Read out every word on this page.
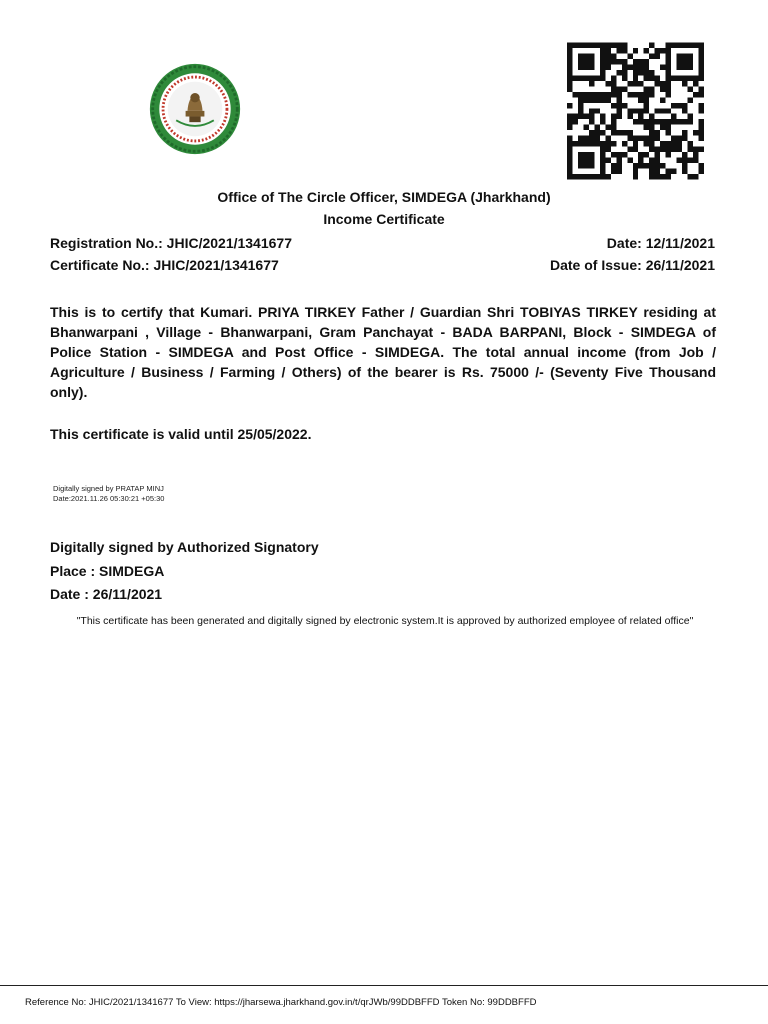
Office of The Circle Officer, SIMDEGA (Jharkhand)
Income Certificate
Registration No.: JHIC/2021/1341677	Date: 12/11/2021
Certificate No.: JHIC/2021/1341677	Date of Issue: 26/11/2021
This is to certify that Kumari. PRIYA TIRKEY Father / Guardian Shri TOBIYAS TIRKEY residing at Bhanwarpani , Village - Bhanwarpani, Gram Panchayat - BADA BARPANI, Block - SIMDEGA of Police Station - SIMDEGA and Post Office - SIMDEGA. The total annual income (from Job / Agriculture / Business / Farming / Others) of the bearer is Rs. 75000 /- (Seventy Five Thousand only).
This certificate is valid until 25/05/2022.
Digitally signed by PRATAP MINJ
Date:2021.11.26 05:30:21 +05:30
Digitally signed by Authorized Signatory
Place : SIMDEGA
Date : 26/11/2021
"This certificate has been generated and digitally signed by electronic system.It is approved by authorized employee of related office"
Reference No: JHIC/2021/1341677 To View: https://jharsewa.jharkhand.gov.in/t/qrJWb/99DDBFFD Token No: 99DDBFFD
